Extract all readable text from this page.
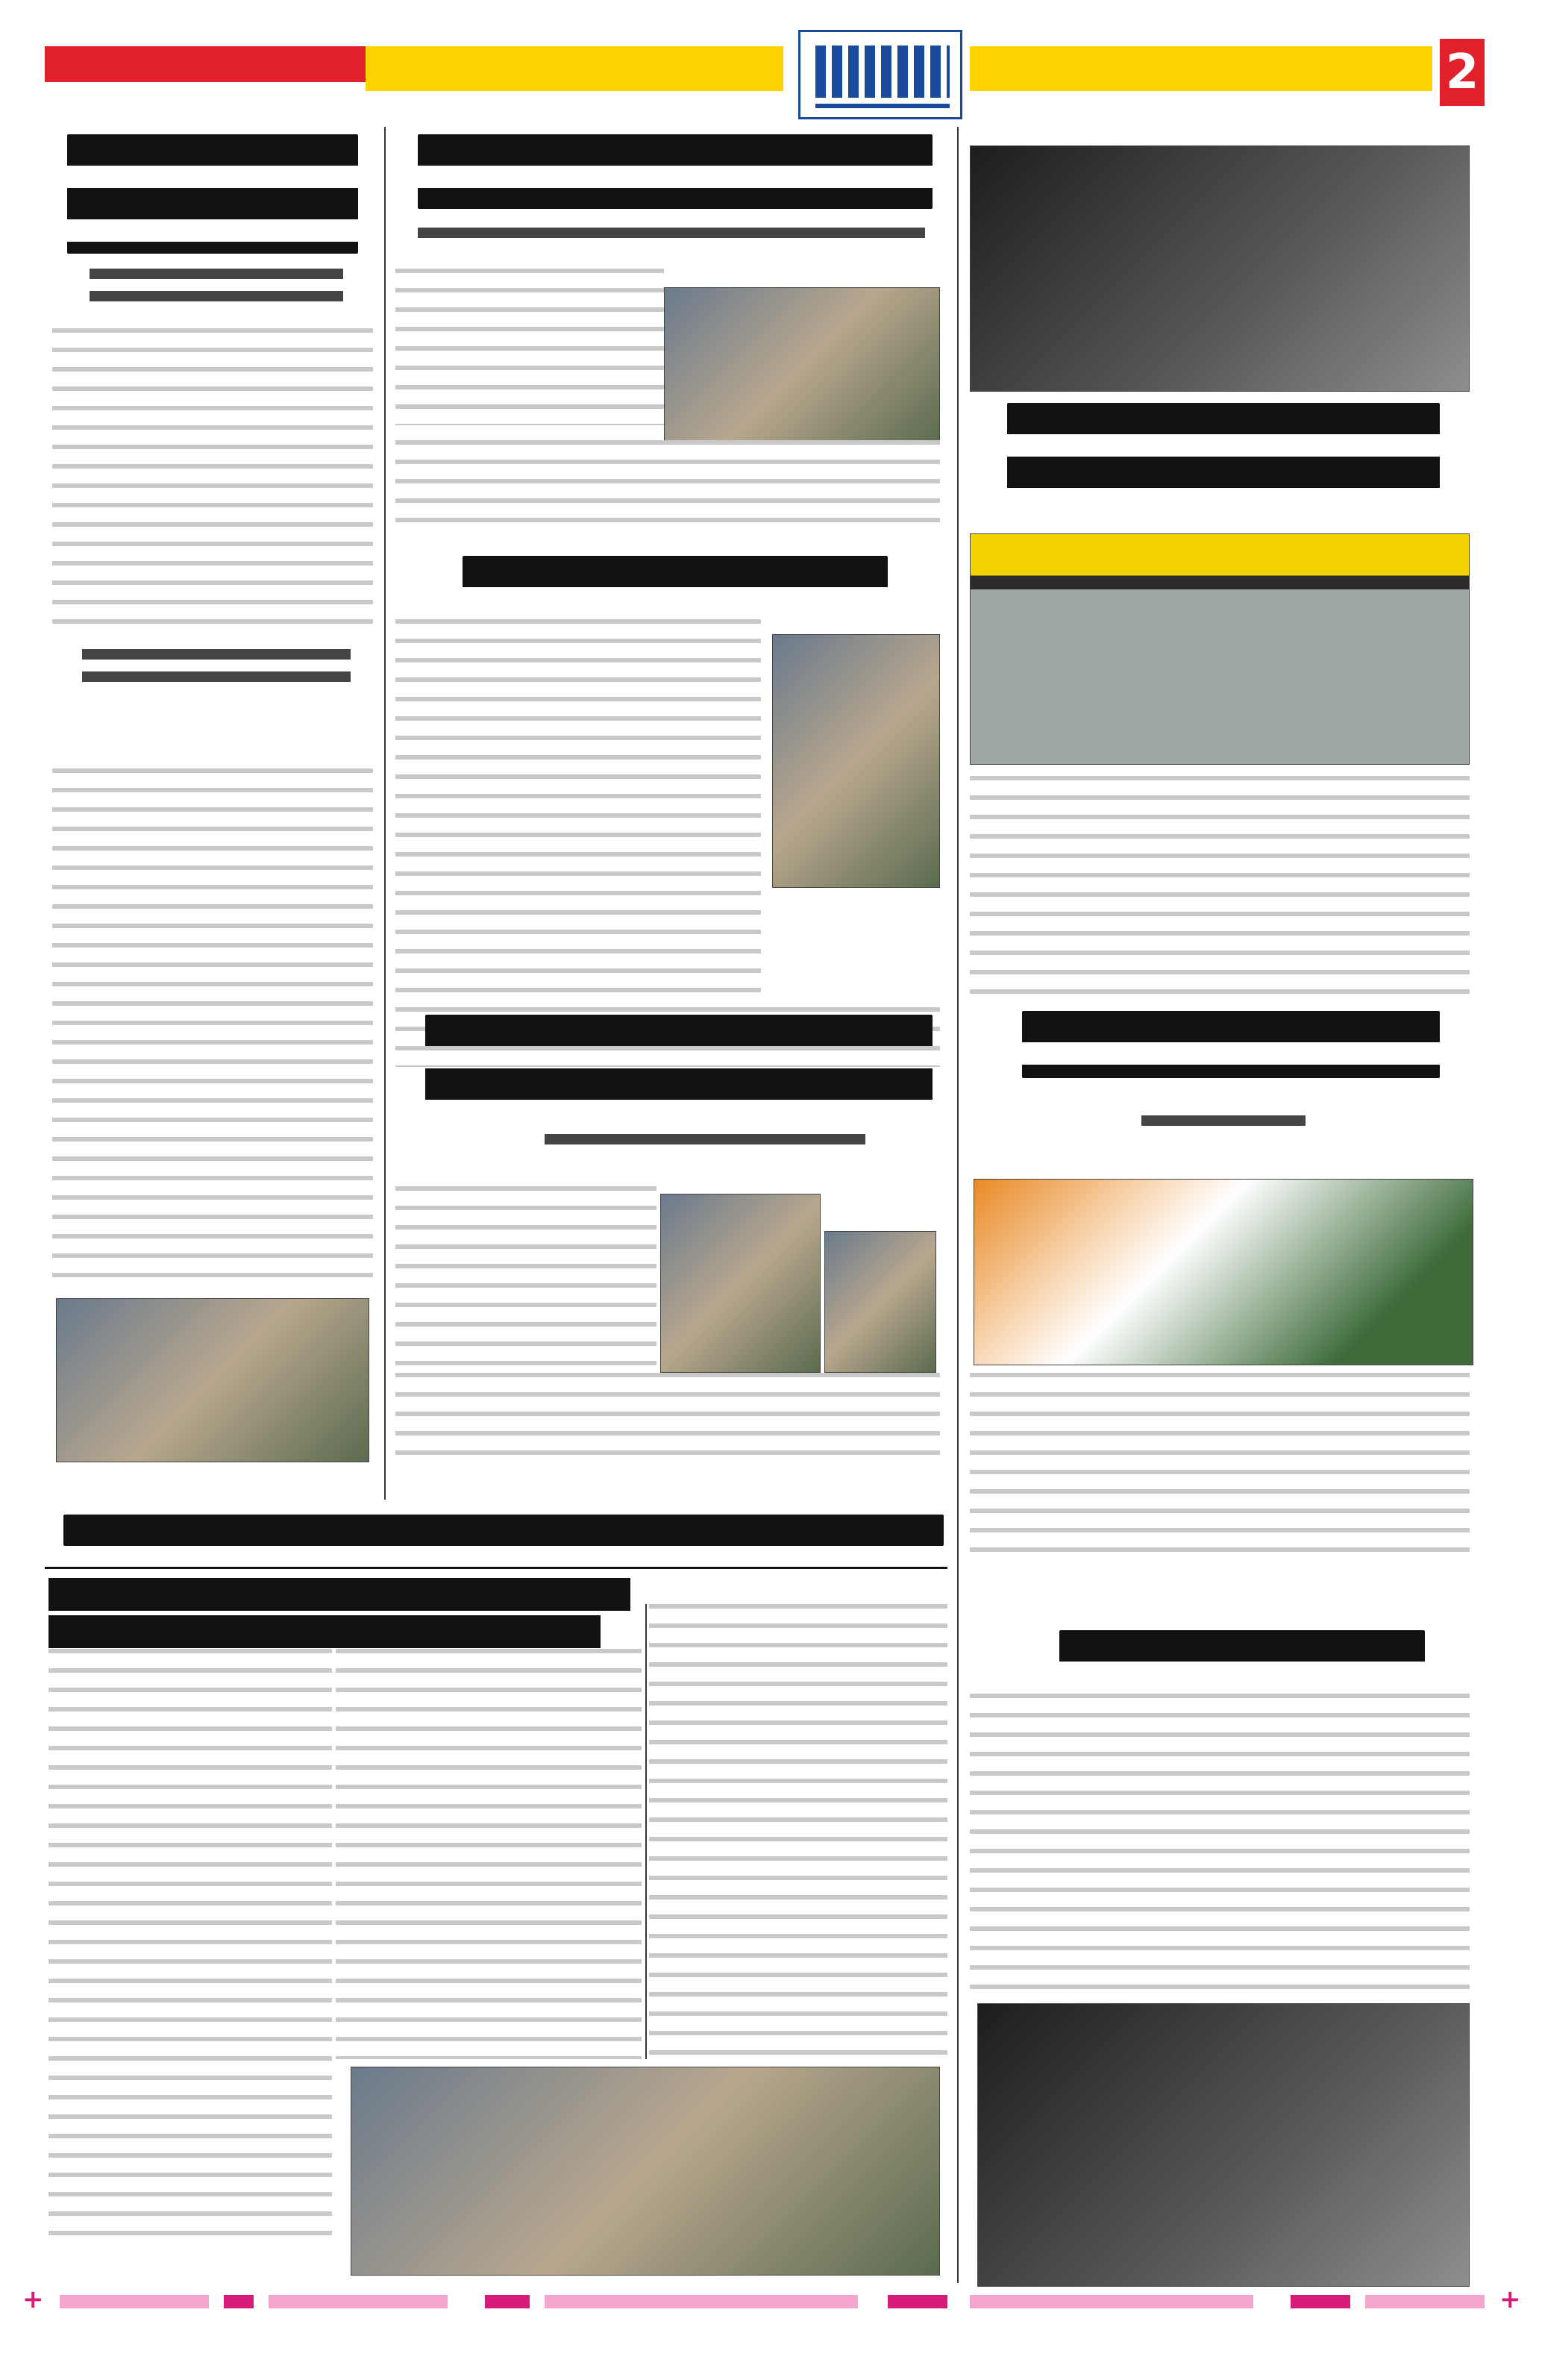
2
+	+
